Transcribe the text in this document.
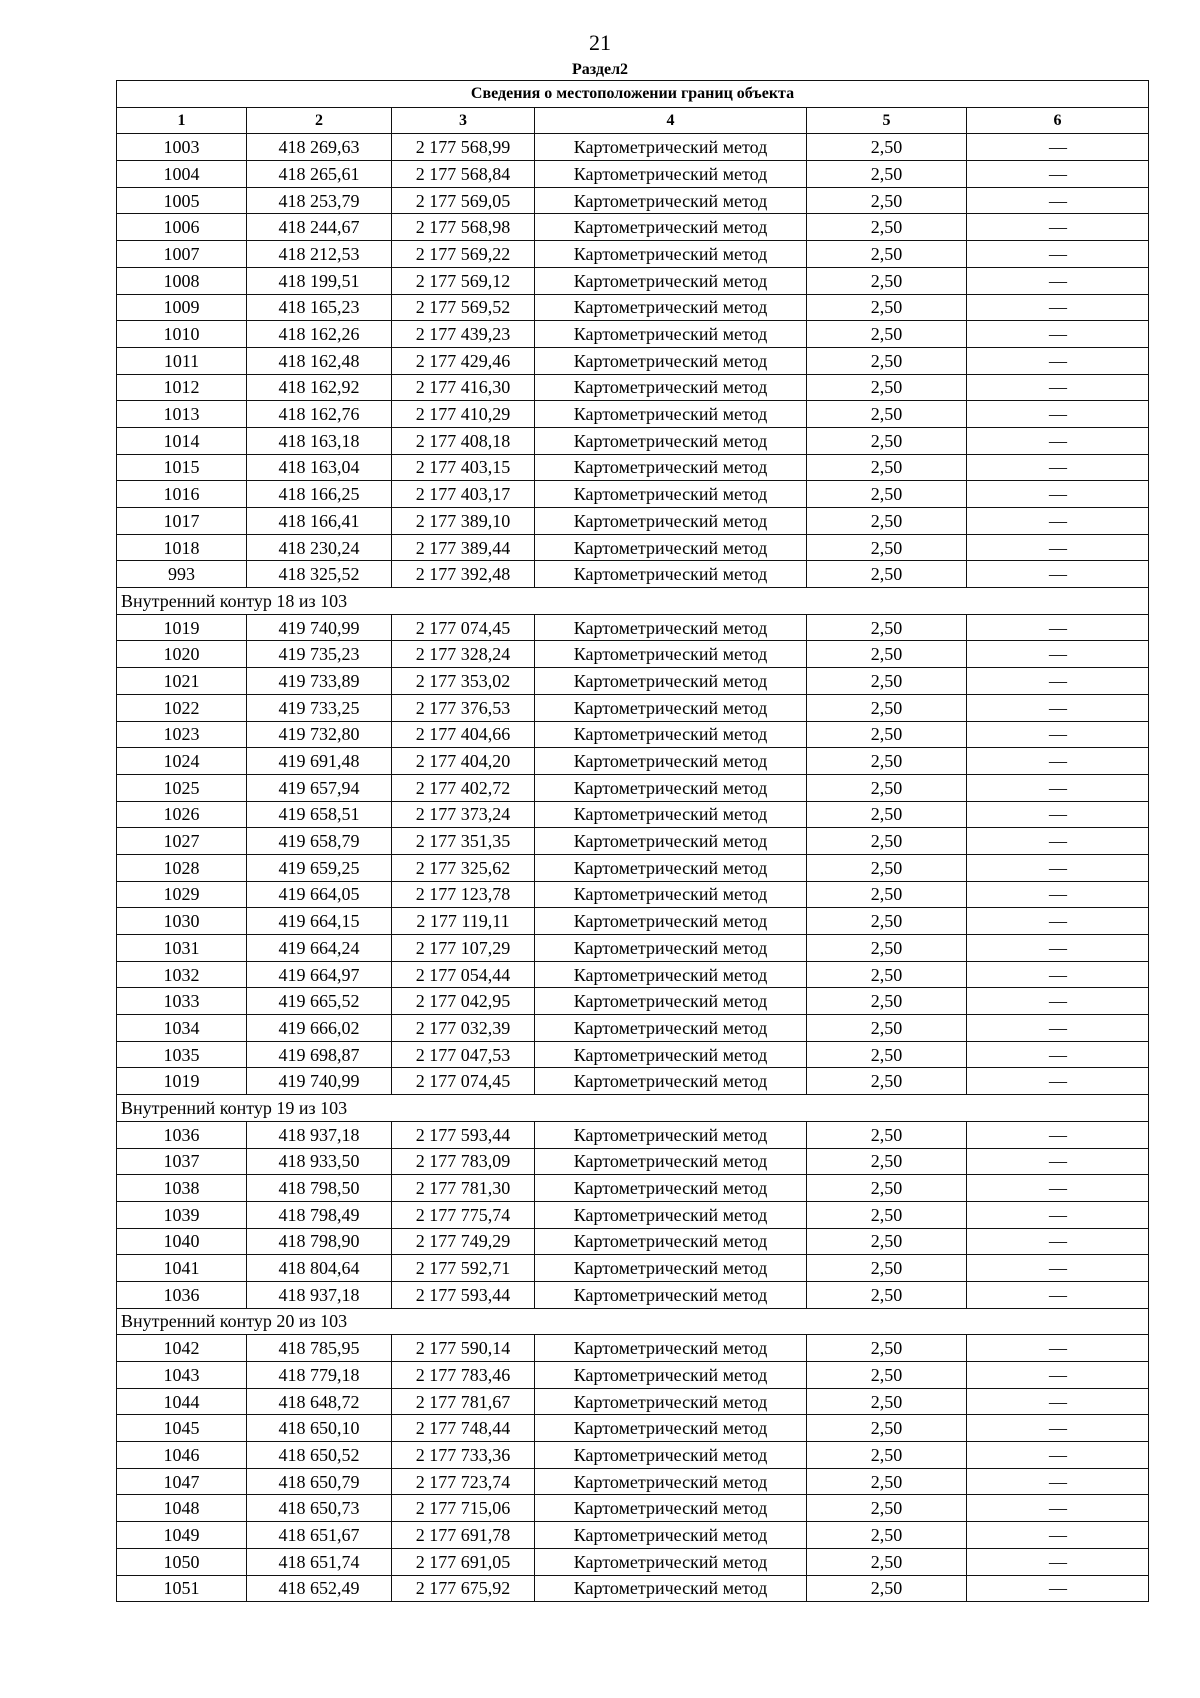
21
Раздел2
Сведения о местоположении границ объекта					
1	2	3	4	5	6
1003	418 269,63	2 177 568,99	Картометрический метод	2,50	—
1004	418 265,61	2 177 568,84	Картометрический метод	2,50	—
1005	418 253,79	2 177 569,05	Картометрический метод	2,50	—
1006	418 244,67	2 177 568,98	Картометрический метод	2,50	—
1007	418 212,53	2 177 569,22	Картометрический метод	2,50	—
1008	418 199,51	2 177 569,12	Картометрический метод	2,50	—
1009	418 165,23	2 177 569,52	Картометрический метод	2,50	—
1010	418 162,26	2 177 439,23	Картометрический метод	2,50	—
1011	418 162,48	2 177 429,46	Картометрический метод	2,50	—
1012	418 162,92	2 177 416,30	Картометрический метод	2,50	—
1013	418 162,76	2 177 410,29	Картометрический метод	2,50	—
1014	418 163,18	2 177 408,18	Картометрический метод	2,50	—
1015	418 163,04	2 177 403,15	Картометрический метод	2,50	—
1016	418 166,25	2 177 403,17	Картометрический метод	2,50	—
1017	418 166,41	2 177 389,10	Картометрический метод	2,50	—
1018	418 230,24	2 177 389,44	Картометрический метод	2,50	—
993	418 325,52	2 177 392,48	Картометрический метод	2,50	—
Внутренний контур 18 из 103					
1019	419 740,99	2 177 074,45	Картометрический метод	2,50	—
1020	419 735,23	2 177 328,24	Картометрический метод	2,50	—
1021	419 733,89	2 177 353,02	Картометрический метод	2,50	—
1022	419 733,25	2 177 376,53	Картометрический метод	2,50	—
1023	419 732,80	2 177 404,66	Картометрический метод	2,50	—
1024	419 691,48	2 177 404,20	Картометрический метод	2,50	—
1025	419 657,94	2 177 402,72	Картометрический метод	2,50	—
1026	419 658,51	2 177 373,24	Картометрический метод	2,50	—
1027	419 658,79	2 177 351,35	Картометрический метод	2,50	—
1028	419 659,25	2 177 325,62	Картометрический метод	2,50	—
1029	419 664,05	2 177 123,78	Картометрический метод	2,50	—
1030	419 664,15	2 177 119,11	Картометрический метод	2,50	—
1031	419 664,24	2 177 107,29	Картометрический метод	2,50	—
1032	419 664,97	2 177 054,44	Картометрический метод	2,50	—
1033	419 665,52	2 177 042,95	Картометрический метод	2,50	—
1034	419 666,02	2 177 032,39	Картометрический метод	2,50	—
1035	419 698,87	2 177 047,53	Картометрический метод	2,50	—
1019	419 740,99	2 177 074,45	Картометрический метод	2,50	—
Внутренний контур 19 из 103					
1036	418 937,18	2 177 593,44	Картометрический метод	2,50	—
1037	418 933,50	2 177 783,09	Картометрический метод	2,50	—
1038	418 798,50	2 177 781,30	Картометрический метод	2,50	—
1039	418 798,49	2 177 775,74	Картометрический метод	2,50	—
1040	418 798,90	2 177 749,29	Картометрический метод	2,50	—
1041	418 804,64	2 177 592,71	Картометрический метод	2,50	—
1036	418 937,18	2 177 593,44	Картометрический метод	2,50	—
Внутренний контур 20 из 103					
1042	418 785,95	2 177 590,14	Картометрический метод	2,50	—
1043	418 779,18	2 177 783,46	Картометрический метод	2,50	—
1044	418 648,72	2 177 781,67	Картометрический метод	2,50	—
1045	418 650,10	2 177 748,44	Картометрический метод	2,50	—
1046	418 650,52	2 177 733,36	Картометрический метод	2,50	—
1047	418 650,79	2 177 723,74	Картометрический метод	2,50	—
1048	418 650,73	2 177 715,06	Картометрический метод	2,50	—
1049	418 651,67	2 177 691,78	Картометрический метод	2,50	—
1050	418 651,74	2 177 691,05	Картометрический метод	2,50	—
1051	418 652,49	2 177 675,92	Картометрический метод	2,50	—
